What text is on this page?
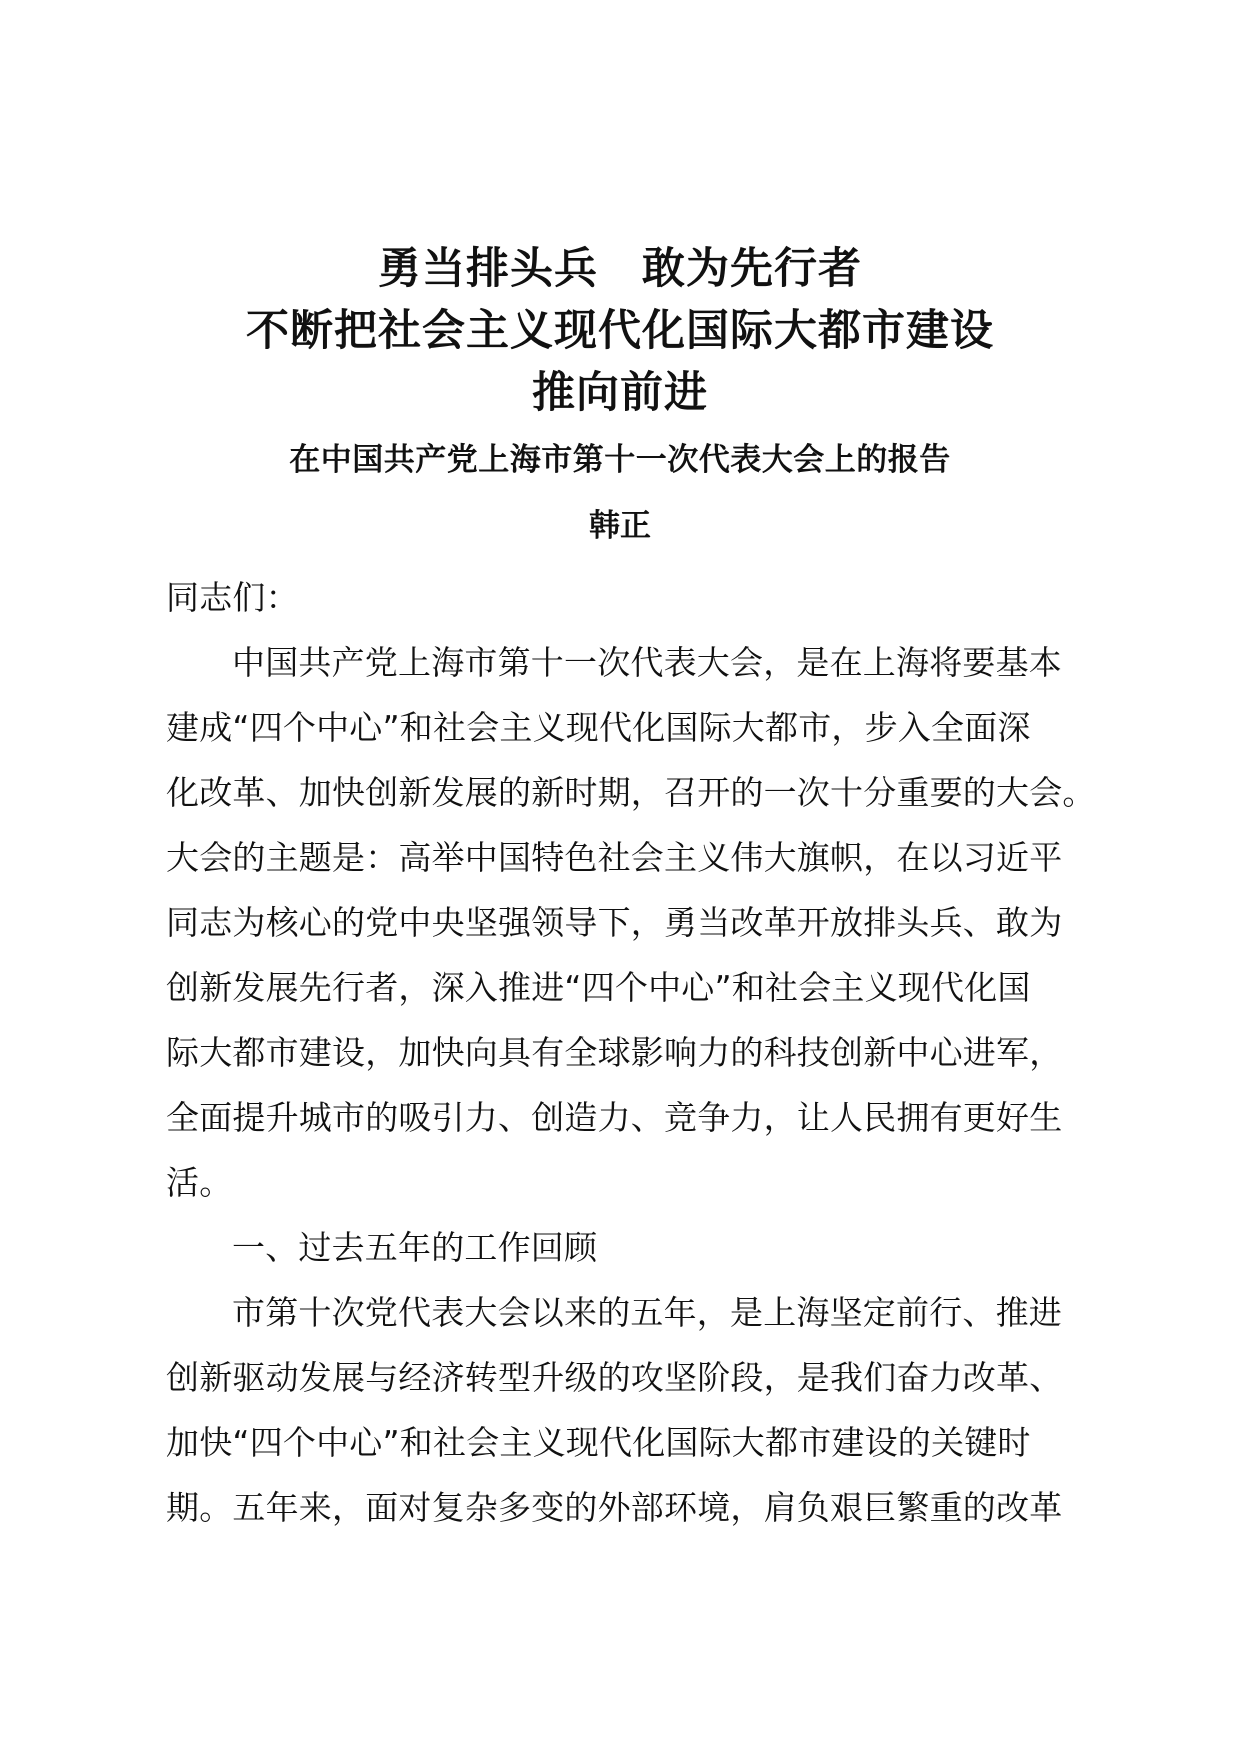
勇当排头兵　敢为先行者
不断把社会主义现代化国际大都市建设
推向前进
在中国共产党上海市第十一次代表大会上的报告
韩正
同志们：
中国共产党上海市第十一次代表大会，是在上海将要基本
建成“四个中心”和社会主义现代化国际大都市，步入全面深
化改革、加快创新发展的新时期，召开的一次十分重要的大会。
大会的主题是：高举中国特色社会主义伟大旗帜，在以习近平
同志为核心的党中央坚强领导下，勇当改革开放排头兵、敢为
创新发展先行者，深入推进“四个中心”和社会主义现代化国
际大都市建设，加快向具有全球影响力的科技创新中心进军，
全面提升城市的吸引力、创造力、竞争力，让人民拥有更好生
活。
一、过去五年的工作回顾
市第十次党代表大会以来的五年，是上海坚定前行、推进
创新驱动发展与经济转型升级的攻坚阶段，是我们奋力改革、
加快“四个中心”和社会主义现代化国际大都市建设的关键时
期。五年来，面对复杂多变的外部环境，肩负艰巨繁重的改革
